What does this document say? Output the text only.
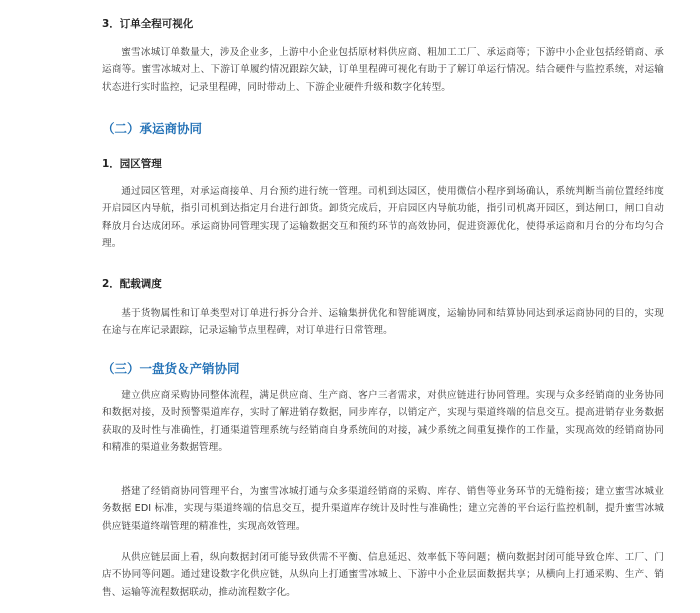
3．订单全程可视化
蜜雪冰城订单数量大，涉及企业多，上游中小企业包括原材料供应商、粗加工工厂、承运商等；下游中小企业包括经销商、承运商等。蜜雪冰城对上、下游订单履约情况跟踪欠缺，订单里程碑可视化有助于了解订单运行情况。结合硬件与监控系统，对运输状态进行实时监控，记录里程碑，同时带动上、下游企业硬件升级和数字化转型。
（二）承运商协同
1．园区管理
通过园区管理，对承运商接单、月台预约进行统一管理。司机到达园区，使用微信小程序到场确认，系统判断当前位置经纬度开启园区内导航，指引司机到达指定月台进行卸货。卸货完成后，开启园区内导航功能，指引司机离开园区，到达闸口，闸口自动释放月台达成闭环。承运商协同管理实现了运输数据交互和预约环节的高效协同，促进资源优化，使得承运商和月台的分布均匀合理。
2．配载调度
基于货物属性和订单类型对订单进行拆分合并、运输集拼优化和智能调度，运输协同和结算协同达到承运商协同的目的，实现在途与在库记录跟踪，记录运输节点里程碑，对订单进行日常管理。
（三）一盘货＆产销协同
建立供应商采购协同整体流程，满足供应商、生产商、客户三者需求，对供应链进行协同管理。实现与众多经销商的业务协同和数据对接，及时预警渠道库存，实时了解进销存数据，同步库存，以销定产，实现与渠道终端的信息交互。提高进销存业务数据获取的及时性与准确性，打通渠道管理系统与经销商自身系统间的对接，减少系统之间重复操作的工作量，实现高效的经销商协同和精准的渠道业务数据管理。
搭建了经销商协同管理平台，为蜜雪冰城打通与众多渠道经销商的采购、库存、销售等业务环节的无缝衔接；建立蜜雪冰城业务数据 EDI 标准，实现与渠道终端的信息交互，提升渠道库存统计及时性与准确性；建立完善的平台运行监控机制，提升蜜雪冰城供应链渠道终端管理的精准性，实现高效管理。
从供应链层面上看，纵向数据封闭可能导致供需不平衡、信息延迟、效率低下等问题；横向数据封闭可能导致仓库、工厂、门店不协同等问题。通过建设数字化供应链，从纵向上打通蜜雪冰城上、下游中小企业层面数据共享；从横向上打通采购、生产、销售、运输等流程数据联动，推动流程数字化。
